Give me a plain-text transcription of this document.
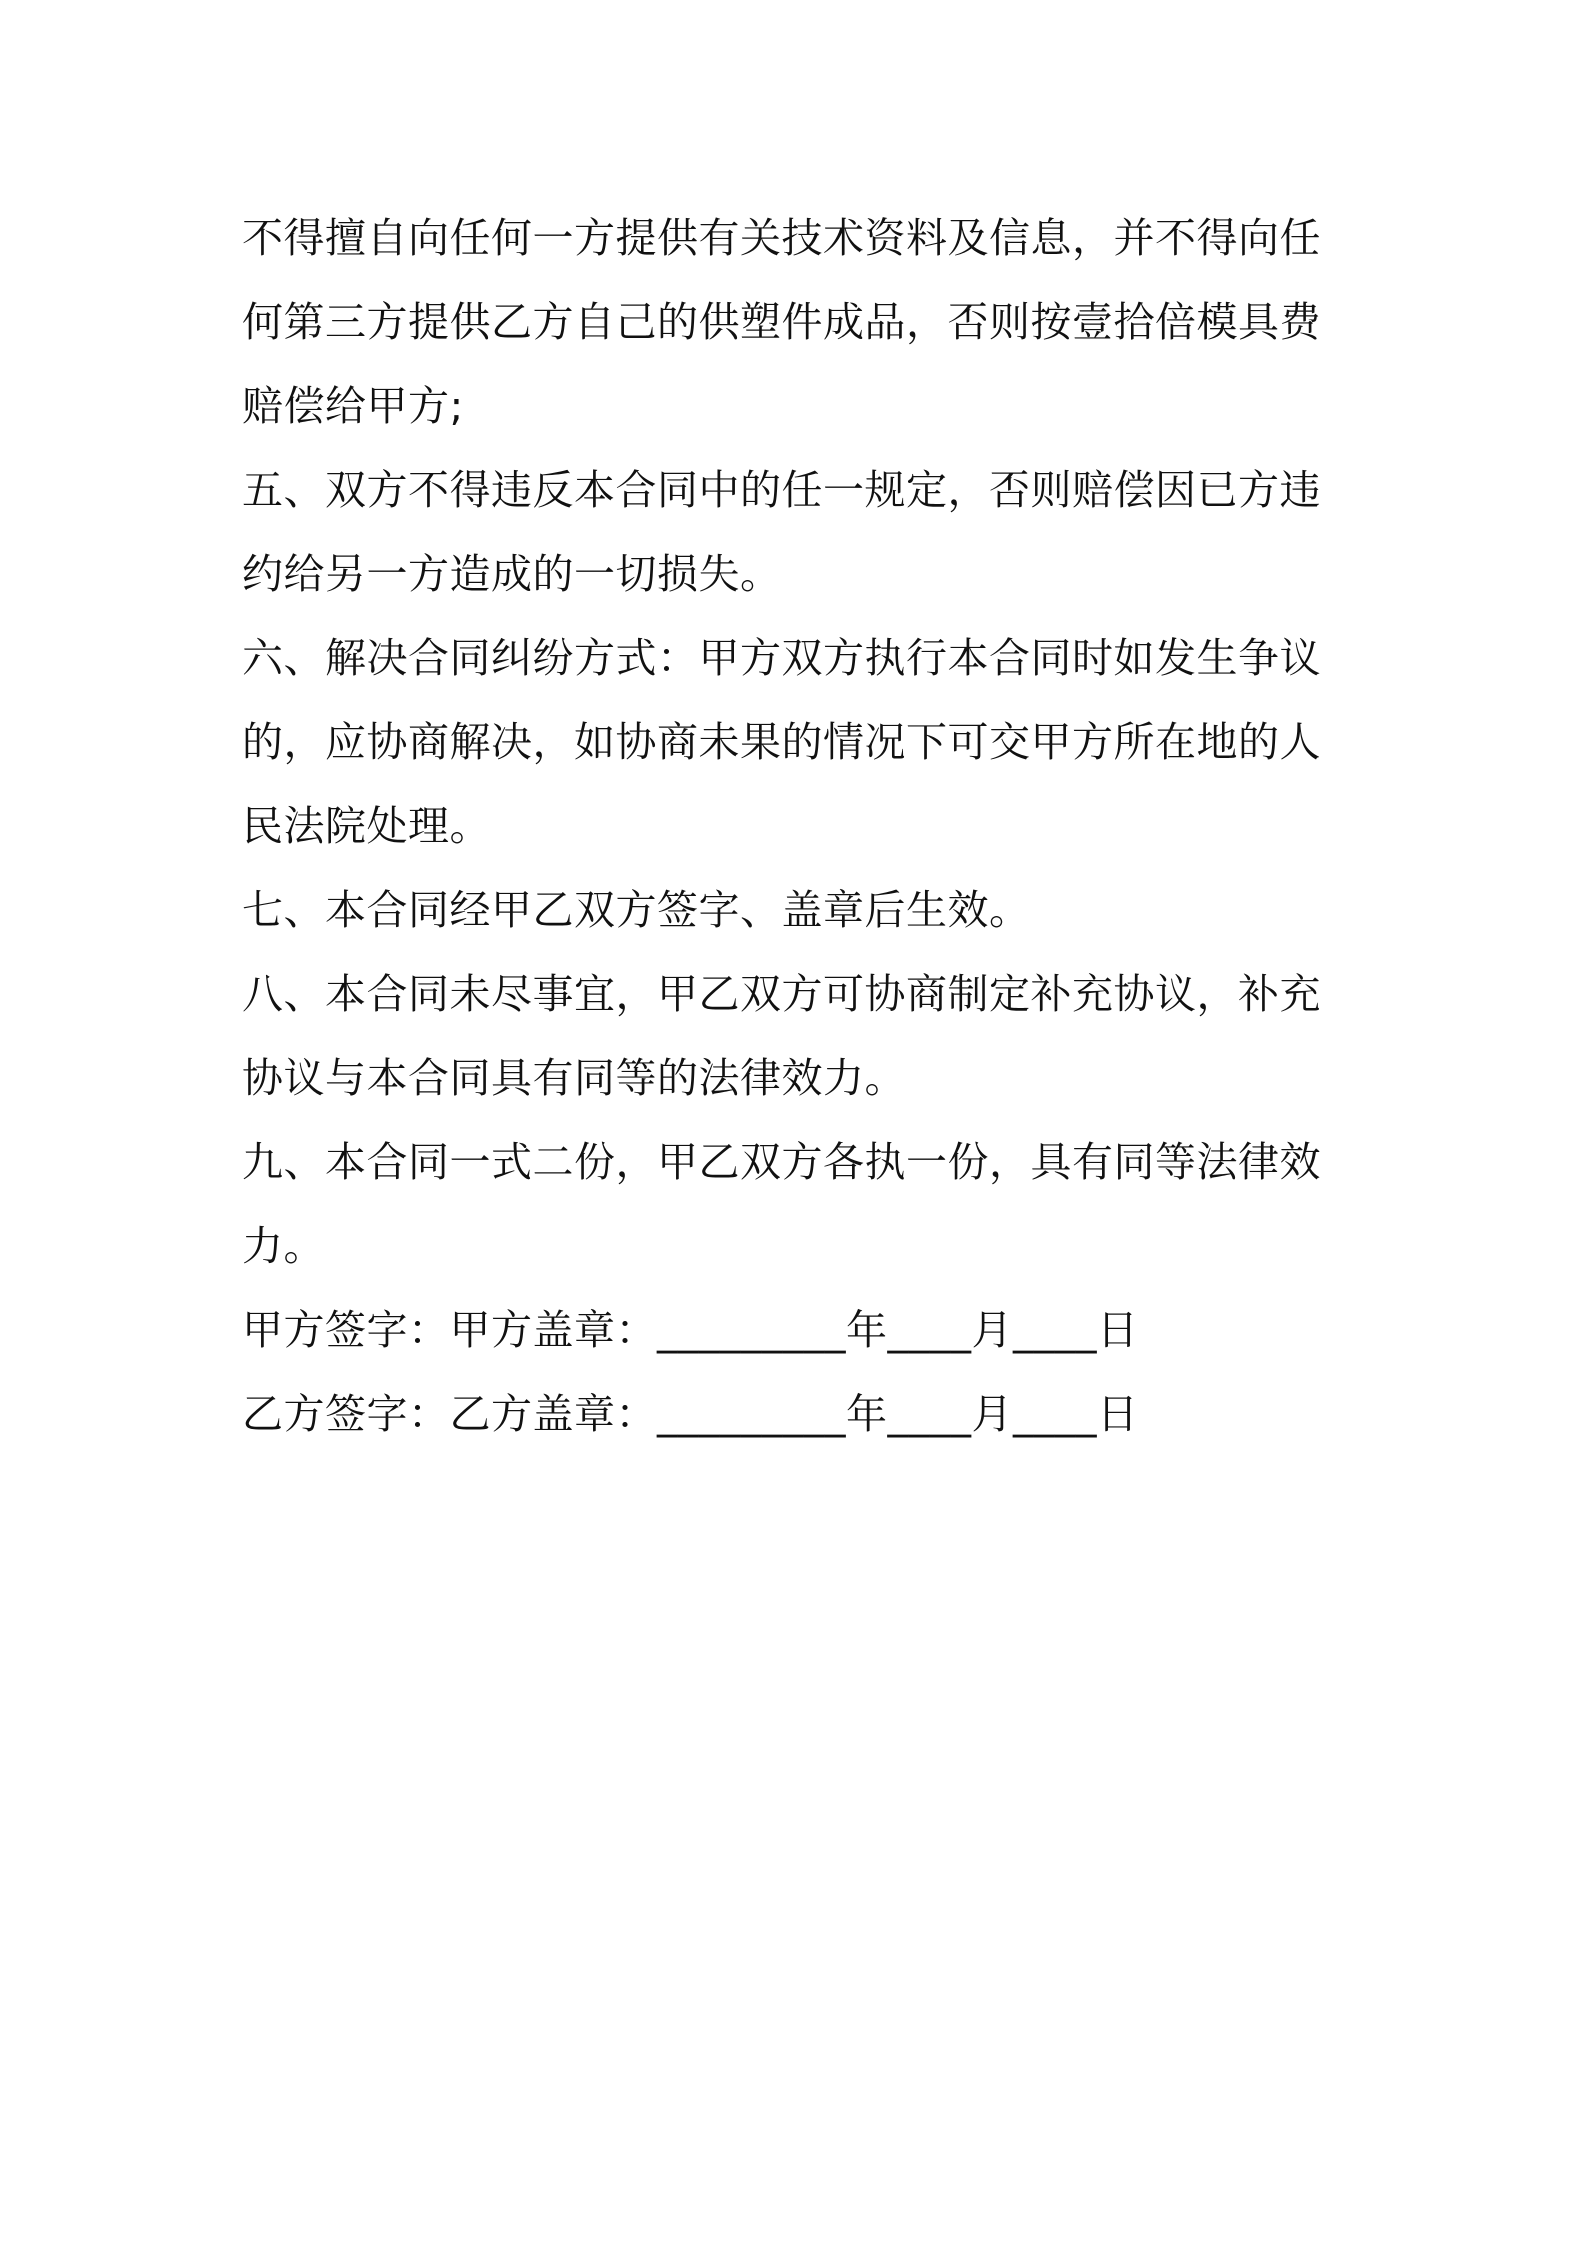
不得擅自向任何一方提供有关技术资料及信息，并不得向任
何第三方提供乙方自己的供塑件成品，否则按壹拾倍模具费
赔偿给甲方;
五、双方不得违反本合同中的任一规定，否则赔偿因已方违
约给另一方造成的一切损失。
六、解决合同纠纷方式：甲方双方执行本合同时如发生争议
的，应协商解决，如协商未果的情况下可交甲方所在地的人
民法院处理。
七、本合同经甲乙双方签字、盖章后生效。
八、本合同未尽事宜，甲乙双方可协商制定补充协议，补充
协议与本合同具有同等的法律效力。
九、本合同一式二份，甲乙双方各执一份，具有同等法律效
力。
甲方签字：甲方盖章：_________年____月____日
乙方签字：乙方盖章：_________年____月____日
